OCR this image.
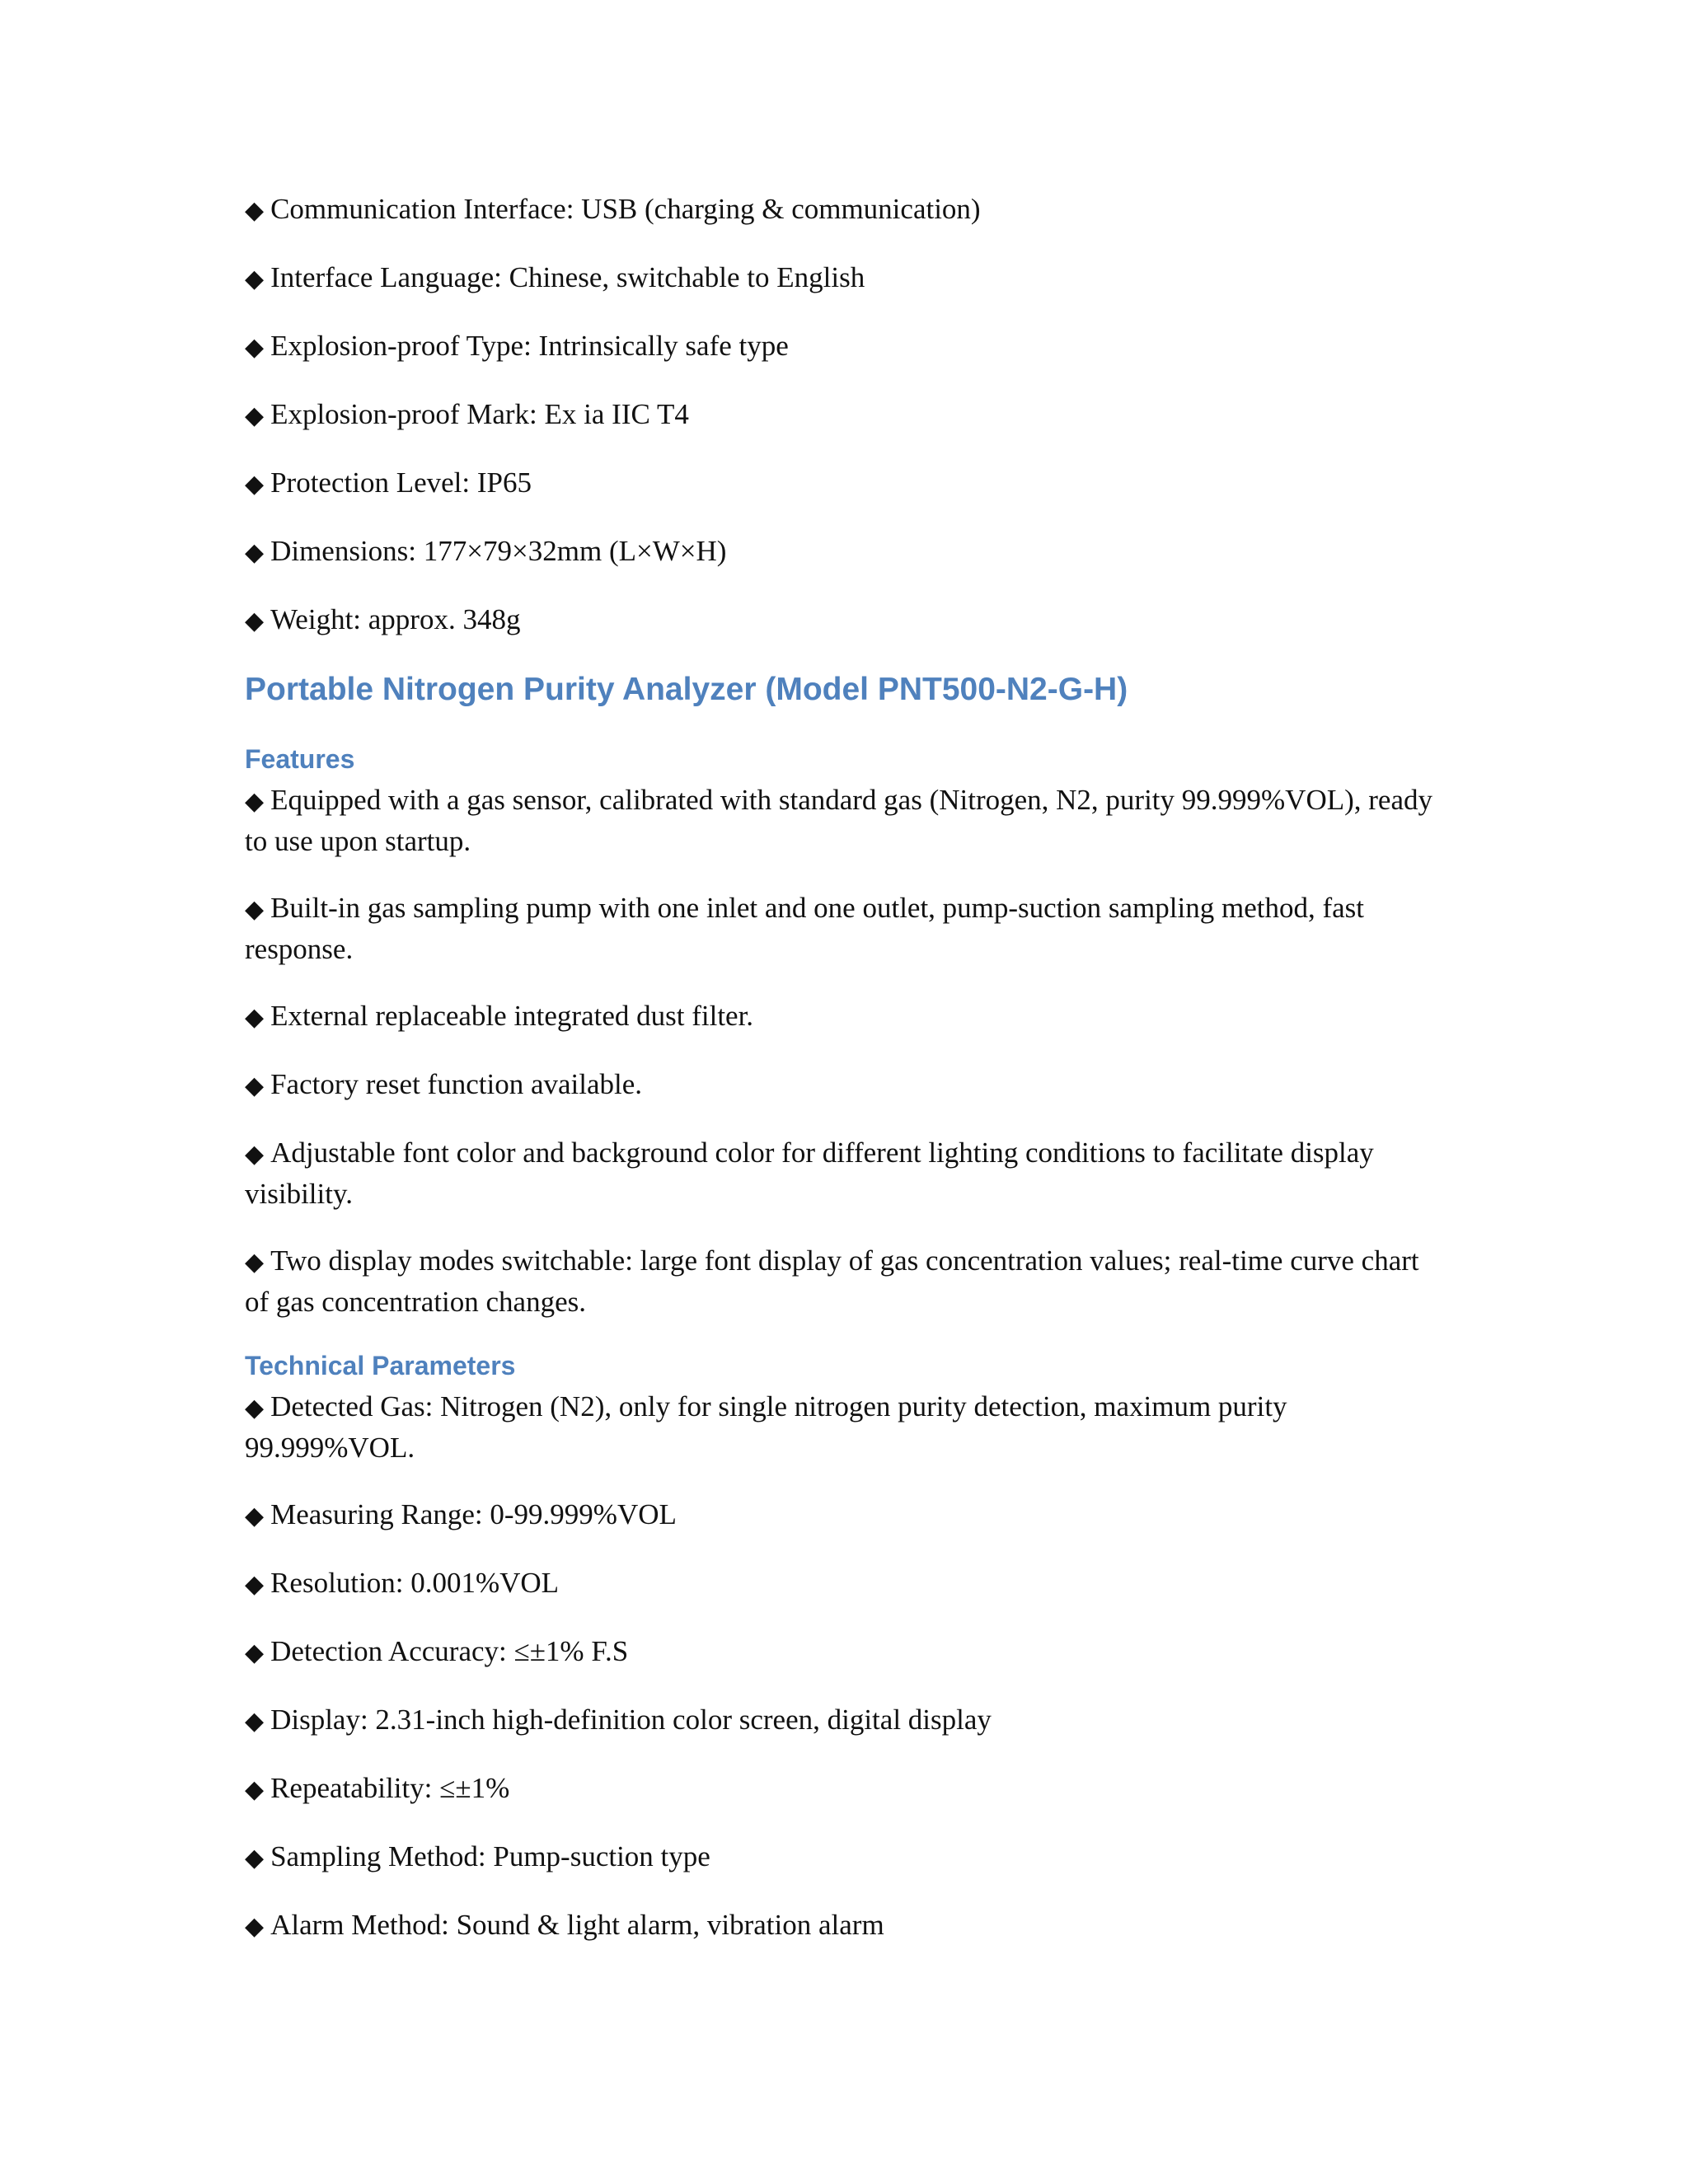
◆ Communication Interface: USB (charging & communication)

◆ Interface Language: Chinese, switchable to English

◆ Explosion-proof Type: Intrinsically safe type

◆ Explosion-proof Mark: Ex ia IIC T4

◆ Protection Level: IP65

◆ Dimensions: 177×79×32mm (L×W×H)

◆ Weight: approx. 348g

Portable Nitrogen Purity Analyzer (Model PNT500-N2-G-H)
Features

◆ Equipped with a gas sensor, calibrated with standard gas (Nitrogen, N2, purity 99.999%VOL), ready to use upon startup.

◆ Built-in gas sampling pump with one inlet and one outlet, pump-suction sampling method, fast response.

◆ External replaceable integrated dust filter.

◆ Factory reset function available.

◆ Adjustable font color and background color for different lighting conditions to facilitate display visibility.

◆ Two display modes switchable: large font display of gas concentration values; real-time curve chart of gas concentration changes.

Technical Parameters

◆ Detected Gas: Nitrogen (N2), only for single nitrogen purity detection, maximum purity 99.999%VOL.

◆ Measuring Range: 0-99.999%VOL

◆ Resolution: 0.001%VOL

◆ Detection Accuracy: ≤±1% F.S

◆ Display: 2.31-inch high-definition color screen, digital display

◆ Repeatability: ≤±1%

◆ Sampling Method: Pump-suction type

◆ Alarm Method: Sound & light alarm, vibration alarm
